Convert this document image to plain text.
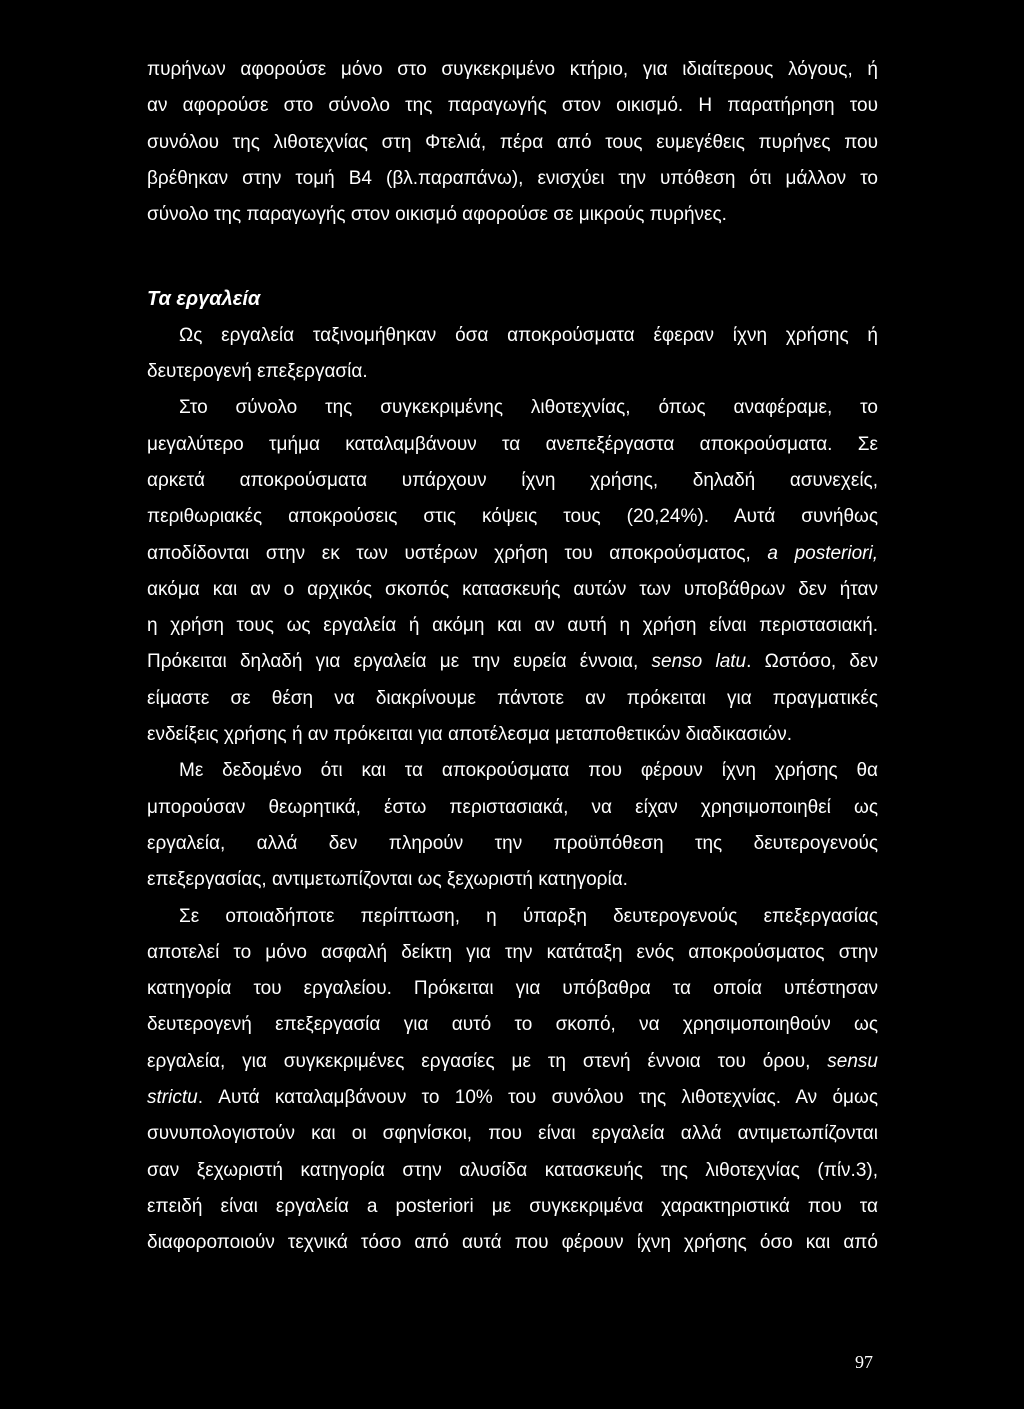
πυρήνων αφορούσε μόνο στο συγκεκριμένο κτήριο, για ιδιαίτερους λόγους, ή
αν αφορούσε στο σύνολο της παραγωγής στον οικισμό. Η παρατήρηση του
συνόλου της λιθοτεχνίας στη Φτελιά, πέρα από τους ευμεγέθεις πυρήνες που
βρέθηκαν στην τομή Β4 (βλ.παραπάνω), ενισχύει την υπόθεση ότι μάλλον το
σύνολο της παραγωγής στον οικισμό αφορούσε σε μικρούς πυρήνες.
Τα εργαλεία
Ως εργαλεία ταξινομήθηκαν όσα αποκρούσματα έφεραν ίχνη χρήσης ή
δευτερογενή επεξεργασία.
Στο σύνολο της συγκεκριμένης λιθοτεχνίας, όπως αναφέραμε, το
μεγαλύτερο τμήμα καταλαμβάνουν τα ανεπεξέργαστα αποκρούσματα. Σε
αρκετά αποκρούσματα υπάρχουν ίχνη χρήσης, δηλαδή ασυνεχείς,
περιθωριακές αποκρούσεις στις κόψεις τους (20,24%). Αυτά συνήθως
αποδίδονται στην εκ των υστέρων χρήση του αποκρούσματος, a posteriori,
ακόμα και αν ο αρχικός σκοπός κατασκευής αυτών των υποβάθρων δεν ήταν
η χρήση τους ως εργαλεία ή ακόμη και αν αυτή η χρήση είναι περιστασιακή.
Πρόκειται δηλαδή για εργαλεία με την ευρεία έννοια, senso latu. Ωστόσο, δεν
είμαστε σε θέση να διακρίνουμε πάντοτε αν πρόκειται για πραγματικές
ενδείξεις χρήσης ή αν πρόκειται για αποτέλεσμα μεταποθετικών διαδικασιών.
Με δεδομένο ότι και τα αποκρούσματα που φέρουν ίχνη χρήσης θα
μπορούσαν θεωρητικά, έστω περιστασιακά, να είχαν χρησιμοποιηθεί ως
εργαλεία, αλλά δεν πληρούν την προϋπόθεση της δευτερογενούς
επεξεργασίας, αντιμετωπίζονται ως ξεχωριστή κατηγορία.
Σε οποιαδήποτε περίπτωση, η ύπαρξη δευτερογενούς επεξεργασίας
αποτελεί το μόνο ασφαλή δείκτη για την κατάταξη ενός αποκρούσματος στην
κατηγορία του εργαλείου. Πρόκειται για υπόβαθρα τα οποία υπέστησαν
δευτερογενή επεξεργασία για αυτό το σκοπό, να χρησιμοποιηθούν ως
εργαλεία, για συγκεκριμένες εργασίες με τη στενή έννοια του όρου, sensu
strictu. Αυτά καταλαμβάνουν το 10% του συνόλου της λιθοτεχνίας. Αν όμως
συνυπολογιστούν και οι σφηνίσκοι, που είναι εργαλεία αλλά αντιμετωπίζονται
σαν ξεχωριστή κατηγορία στην αλυσίδα κατασκευής της λιθοτεχνίας (πίν.3),
επειδή είναι εργαλεία a posteriori με συγκεκριμένα χαρακτηριστικά που τα
διαφοροποιούν τεχνικά τόσο από αυτά που φέρουν ίχνη χρήσης όσο και από
97
